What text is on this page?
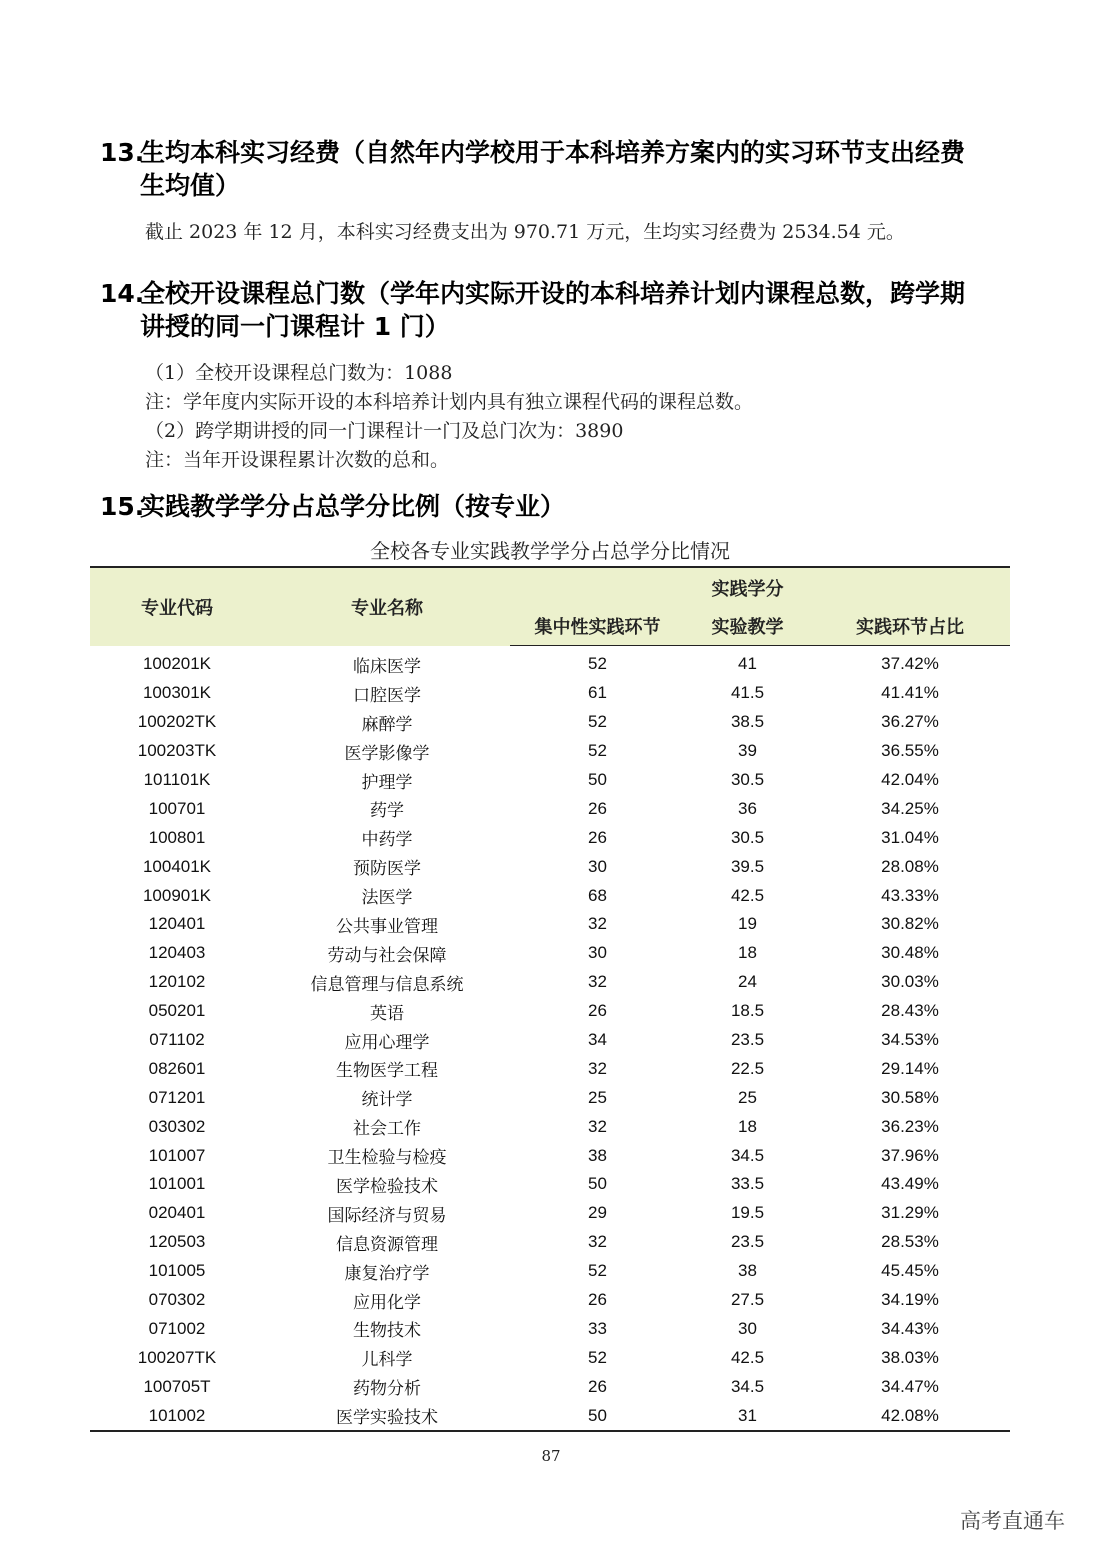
13.生均本科实习经费（自然年内学校用于本科培养方案内的实习环节支出经费
生均值）
截止 2023 年 12 月，本科实习经费支出为 970.71 万元，生均实习经费为 2534.54 元。
14.全校开设课程总门数（学年内实际开设的本科培养计划内课程总数，跨学期
讲授的同一门课程计 1 门）
（1）全校开设课程总门数为：1088
注：学年度内实际开设的本科培养计划内具有独立课程代码的课程总数。
（2）跨学期讲授的同一门课程计一门及总门次为：3890
注：当年开设课程累计次数的总和。
15.实践教学学分占总学分比例（按专业）
全校各专业实践教学学分占总学分比情况
专业代码	专业名称		实践学分	
		集中性实践环节	实验教学	实践环节占比
100201K	临床医学	52	41	37.42%
100301K	口腔医学	61	41.5	41.41%
100202TK	麻醉学	52	38.5	36.27%
100203TK	医学影像学	52	39	36.55%
101101K	护理学	50	30.5	42.04%
100701	药学	26	36	34.25%
100801	中药学	26	30.5	31.04%
100401K	预防医学	30	39.5	28.08%
100901K	法医学	68	42.5	43.33%
120401	公共事业管理	32	19	30.82%
120403	劳动与社会保障	30	18	30.48%
120102	信息管理与信息系统	32	24	30.03%
050201	英语	26	18.5	28.43%
071102	应用心理学	34	23.5	34.53%
082601	生物医学工程	32	22.5	29.14%
071201	统计学	25	25	30.58%
030302	社会工作	32	18	36.23%
101007	卫生检验与检疫	38	34.5	37.96%
101001	医学检验技术	50	33.5	43.49%
020401	国际经济与贸易	29	19.5	31.29%
120503	信息资源管理	32	23.5	28.53%
101005	康复治疗学	52	38	45.45%
070302	应用化学	26	27.5	34.19%
071002	生物技术	33	30	34.43%
100207TK	儿科学	52	42.5	38.03%
100705T	药物分析	26	34.5	34.47%
101002	医学实验技术	50	31	42.08%
87
高考直通车
